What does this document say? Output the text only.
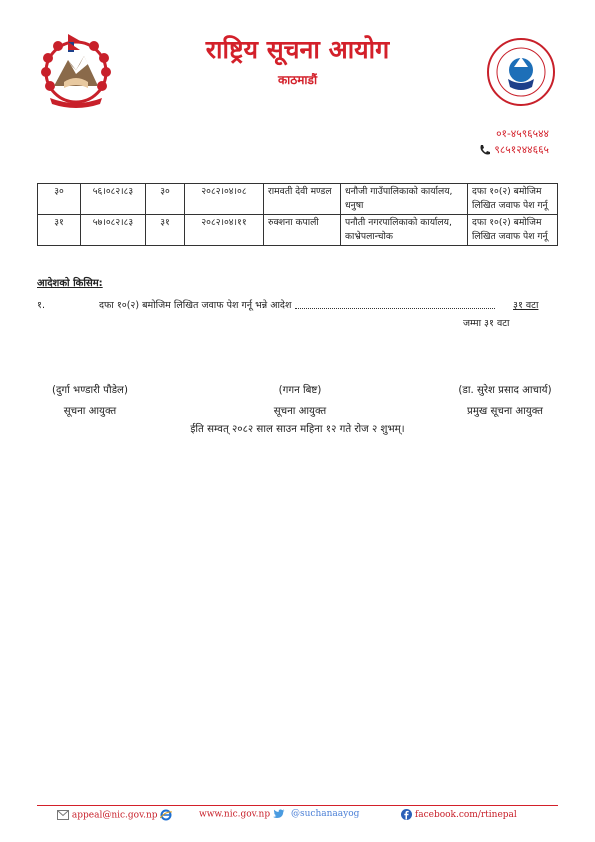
राष्ट्रिय सूचना आयोग
काठमाडौं
०१-४५९६५४४
९८५१२४४६६५
३०	५६।०८२।८३	३०	२०८२।०४।०८	रामवती देवी मण्डल	धनौजी गाउँपालिकाको कार्यालय, धनुषा	दफा १०(२) बमोजिम लिखित जवाफ पेश गर्नू
३१	५७।०८२।८३	३१	२०८२।०४।११	रुक्शना कपाली	पनौती नगरपालिकाको कार्यालय, काभ्रेपलान्चोक	दफा १०(२) बमोजिम लिखित जवाफ पेश गर्नू
आदेशको किसिम:
१.	दफा १०(२) बमोजिम लिखित जवाफ पेश गर्नू भन्ने आदेश	३१ वटा
जम्मा ३१ वटा
(दुर्गा भण्डारी पौडेल)
सूचना आयुक्त
(गगन बिष्ट)
सूचना आयुक्त
(डा. सुरेश प्रसाद आचार्य)
प्रमुख सूचना आयुक्त
ईति सम्वत् २०८२ साल साउन महिना १२ गते रोज २ शुभम्।
appeal@nic.gov.np	www.nic.gov.np	@suchanaayog	facebook.com/rtinepal
